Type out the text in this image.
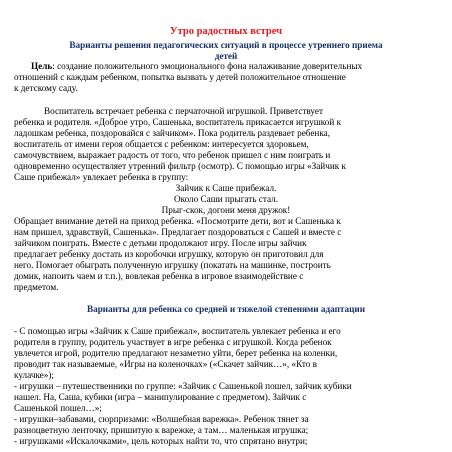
Утро радостных встреч
Варианты решения педагогических ситуаций в процессе утреннего приема
детей
Цель: создание положительного эмоционального фона налаживание доверительных
отношений с каждым ребенком, попытка вызвать у детей положительное отношение
к детскому саду.
Воспитатель встречает ребенка с перчаточной игрушкой. Приветствует
ребенка и родителя. «Доброе утро, Сашенька, воспитатель прикасается игрушкой к
ладошкам ребенка, поздоровайся с зайчиком». Пока родитель раздевает ребенка,
воспитатель от имени героя общается с ребенком: интересуется здоровьем,
самочувствием, выражает радость от того, что ребенок пришел с ним поиграть и
одновременно осуществляет утренний фильтр (осмотр). С помощью игры «Зайчик к
Саше прибежал» увлекает ребенка в группу:
Зайчик к Саше прибежал.
Около Саши прыгать стал.
Прыг-скок, догони меня дружок!
Обращает внимание детей на приход ребенка. «Посмотрите дети, вот и Сашенька к
нам пришел, здравствуй, Сашенька». Предлагает поздороваться с Сашей и вместе с
зайчиком поиграть. Вместе с детьми продолжают игру. После игры зайчик
предлагает ребенку достать из коробочки игрушку, которую он приготовил для
него. Помогает обыграть полученную игрушку (покатать на машинке, построить
домик, напоить чаем и т.п.), вовлекая ребенка в игровое взаимодействие с
предметом.
Варианты для ребенка со средней и тяжелой степенями адаптации
- С помощью игры «Зайчик к Саше прибежал», воспитатель увлекает ребенка и его
родителя в группу, родитель участвует в игре ребенка с игрушкой. Когда ребенок
увлечется игрой, родителю предлагают незаметно уйти, берет ребенка на коленки,
проводит так называемые, «Игры на коленочках» («Скачет зайчик…», «Кто в
кулачке»);
- игрушки – путешественники по группе: «Зайчик с Сашенькой пошел, зайчик кубики
нашел. На, Саша, кубики (игра – манипулирование с предметом). Зайчик с
Сашенькой пошел…»;
- игрушки–забавами, сюрпризами: «Волшебная варежка». Ребенок тянет за
разноцветную ленточку, пришитую к варежке, а там… маленькая игрушка;
- игрушками «Искалочками», цель которых найти то, что спрятано внутри;
